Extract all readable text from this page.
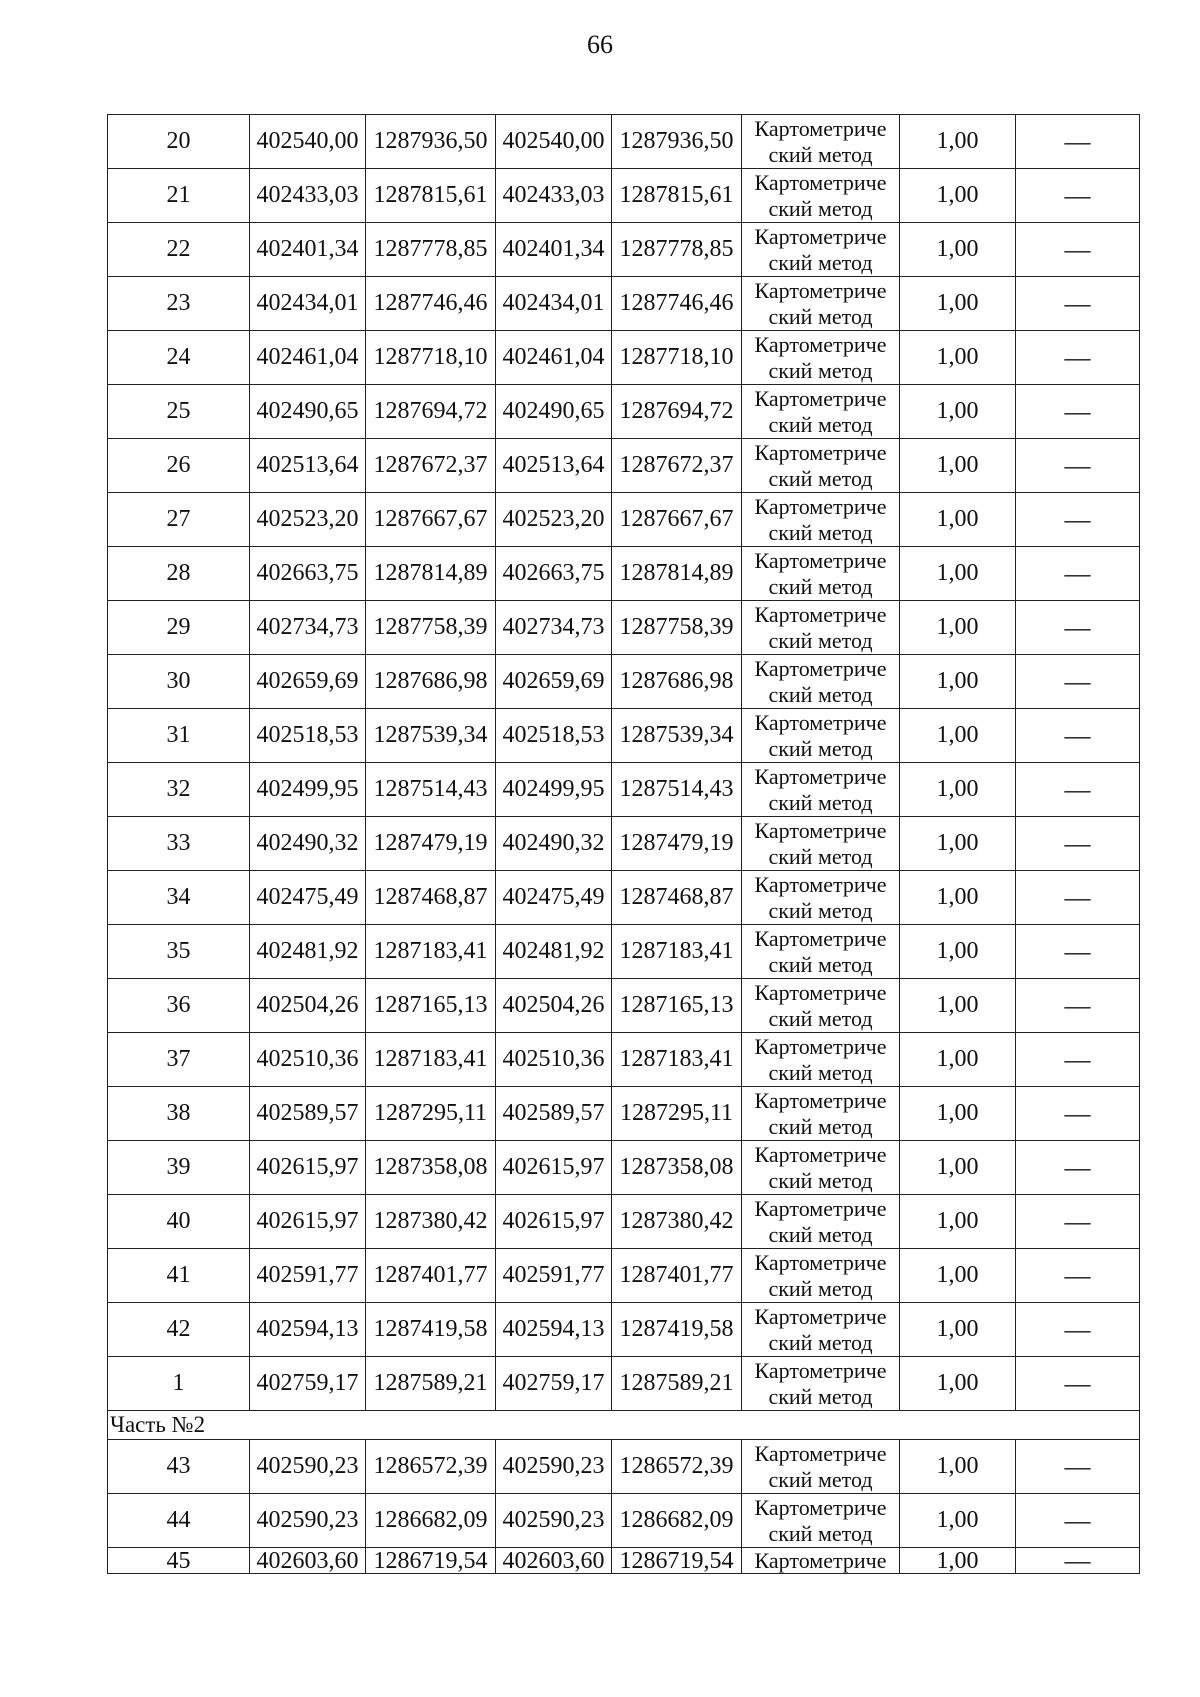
66
20	402540,00	1287936,50	402540,00	1287936,50	Картометриче
ский метод	1,00	—
21	402433,03	1287815,61	402433,03	1287815,61	Картометриче
ский метод	1,00	—
22	402401,34	1287778,85	402401,34	1287778,85	Картометриче
ский метод	1,00	—
23	402434,01	1287746,46	402434,01	1287746,46	Картометриче
ский метод	1,00	—
24	402461,04	1287718,10	402461,04	1287718,10	Картометриче
ский метод	1,00	—
25	402490,65	1287694,72	402490,65	1287694,72	Картометриче
ский метод	1,00	—
26	402513,64	1287672,37	402513,64	1287672,37	Картометриче
ский метод	1,00	—
27	402523,20	1287667,67	402523,20	1287667,67	Картометриче
ский метод	1,00	—
28	402663,75	1287814,89	402663,75	1287814,89	Картометриче
ский метод	1,00	—
29	402734,73	1287758,39	402734,73	1287758,39	Картометриче
ский метод	1,00	—
30	402659,69	1287686,98	402659,69	1287686,98	Картометриче
ский метод	1,00	—
31	402518,53	1287539,34	402518,53	1287539,34	Картометриче
ский метод	1,00	—
32	402499,95	1287514,43	402499,95	1287514,43	Картометриче
ский метод	1,00	—
33	402490,32	1287479,19	402490,32	1287479,19	Картометриче
ский метод	1,00	—
34	402475,49	1287468,87	402475,49	1287468,87	Картометриче
ский метод	1,00	—
35	402481,92	1287183,41	402481,92	1287183,41	Картометриче
ский метод	1,00	—
36	402504,26	1287165,13	402504,26	1287165,13	Картометриче
ский метод	1,00	—
37	402510,36	1287183,41	402510,36	1287183,41	Картометриче
ский метод	1,00	—
38	402589,57	1287295,11	402589,57	1287295,11	Картометриче
ский метод	1,00	—
39	402615,97	1287358,08	402615,97	1287358,08	Картометриче
ский метод	1,00	—
40	402615,97	1287380,42	402615,97	1287380,42	Картометриче
ский метод	1,00	—
41	402591,77	1287401,77	402591,77	1287401,77	Картометриче
ский метод	1,00	—
42	402594,13	1287419,58	402594,13	1287419,58	Картометриче
ский метод	1,00	—
1	402759,17	1287589,21	402759,17	1287589,21	Картометриче
ский метод	1,00	—
Часть №2							
43	402590,23	1286572,39	402590,23	1286572,39	Картометриче
ский метод	1,00	—
44	402590,23	1286682,09	402590,23	1286682,09	Картометриче
ский метод	1,00	—
45	402603,60	1286719,54	402603,60	1286719,54	Картометриче	1,00	—
